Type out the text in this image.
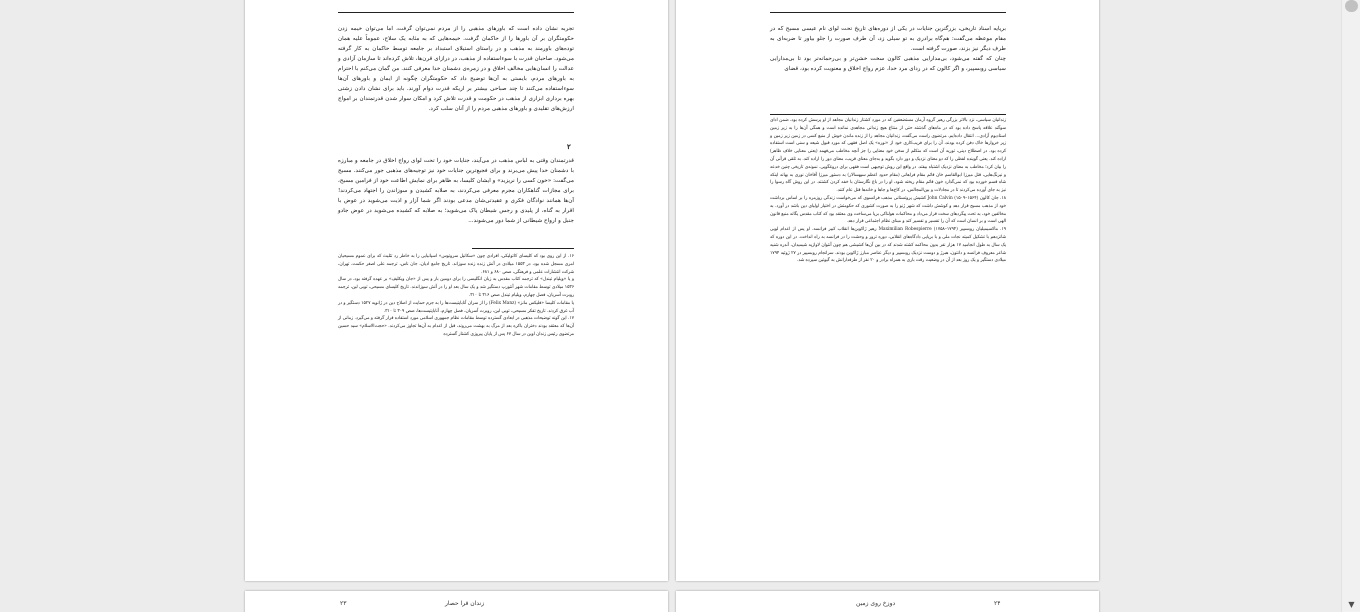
تجربه نشان داده است که باورهای مذهبی را از مردم نمی‌توان گرفت، اما می‌توان خیمه زدن حکومتگران بر آن باورها را از حاکمان گرفت. خیمه‌هایی که به مثابه یک سلاح، عموماً علیه همان توده‌های باورمند به مذهب و در راستای استیلای استبداد بر جامعه توسط حاکمان به کار گرفته می‌شود. صاحبان قدرت با سوءاستفاده از مذهب، در درازای قرن‌ها، تلاش کرده‌اند تا سازمان آزادی و عدالت را انسان‌هایی مخالف اخلاق و در زمره‌ی دشمنان خدا معرفی کنند. من گمان می‌کنم با احترام به باورهای مردم، بایستی به آن‌ها توضیح داد که حکومتگران چگونه از ایمان و باورهای آن‌ها سوءاستفاده می‌کنند تا چند صباحی بیشتر بر اریکه قدرت دوام آورند. باید برای نشان دادن زشتی بهره برداری ابزاری از مذهب در حکومت و قدرت تلاش کرد و امکان سوار شدن قدرتمندان بر امواج ارزش‌های تقلیدی و باورهای مذهبی مردم را از آنان سلب کرد.

۲

قدرتمندان وقتی به لباس مذهب در می‌آیند، جنایات خود را تحت لوای رواج اخلاق در جامعه و مبارزه با دشمنان خدا پیش می‌برند و برای فجیع‌ترین جنایات خود نیز توجیه‌های مذهبی جور می‌کنند. مسیح می‌گفت: «خون کسی را نریزید» و ایشان کلیسا، به ظاهر برای نمایش اطاعت خود از فرامین مسیح، برای مجازات گناهکاران مجرم معرفی می‌کردند، به صلابه کشیدن و سوزاندن را اجتهاد می‌کردند! آن‌ها همانند نوادگان فکری و عقیدتی‌شان مدعی بودند اگر شما آزار و اذیت می‌شوید در عوض با اقرار به گناه، از پلیدی و رجس شیطان پاک می‌شوید؛ به صلابه که کشیده می‌شوید در عوض جادو جنبل و ارواح شیطانی از شما دور می‌شوند...

۱۶. از این روی بود که کلیسای کاتولیکی، افرادی چون «سکانیل سروتوس» اسپانیایی را به خاطر رد تثلیث که برای عموم مسیحیان امری مسجل شده بود، در ۱۵۵۳ میلادی در آتش زنده زنده سوزاند. تاریخ جامع ادیان، جان ناس، ترجمه علی اصغر حکمت، تهران، شرکت انتشارات علمی و فرهنگی، صص ۶۸۰ و ۶۸۱.

و یا «ویلیام تیندل» که ترجمه کتاب مقدس به زبان انگلیسی را برای دومین بار و پس از «جان ویکلیف» بر عهده گرفته بود، در سال ۱۵۳۶ میلادی توسط مقامات شهر آنتورپ دستگیر شد و یک سال بعد او را در آتش سوزاندند. تاریخ کلیسای مسیحی، توبی لین، ترجمه روبرت آسریان، فصل چهارم، ویلیام تیندل صص ۳۱۶ تا ۳۱۰.

یا مقامات کلیسا «فلیکس مانز» (Felix Manz) را از سران آناباپتیست‌ها را به جرم حمایت از اصلاح دین در ژانویه ۱۵۲۷ دستگیر و در آب غرق کردند. تاریخ تفکر مسیحی، توبی لین، روبرت آسریان، فصل چهارم، آناباپتیست‌ها، صص ۳۰۹ تا ۳۱۰.

۱۷. این گونه توضیحات مذهبی در ابعادی گسترده توسط مقامات نظام جمهوری اسلامی مورد استفاده قرار گرفته و می‌گیرد. زمانی از آن‌ها که معتقد بودند دختران باکره بعد از مرگ به بهشت می‌روند، قبل از اعدام به آن‌ها تجاوز می‌کردند. «حجت‌الاسلام» سید حسین مرتضوی رئیس زندان اوین در سال ۶۷ پس از پایان پیروزی کشتار گسترده

برپایه اسناد تاریخی، بزرگترین جنایات در یکی از دوره‌های تاریخ تحت لوای نام عیسی مسیح که در مقام موعظه می‌گفت: هم‌گاه برادری به تو سیلی زد، آن طرف صورت را جلو بیاور تا ضربه‌ای به طرف دیگر نیز بزند، صورت گرفته است.

چنان که گفته می‌شود، بی‌مدارایی مذهبی کالون سخت خشن‌تر و بی‌رحمانه‌تر بود تا بی‌مدارایی سیاسی روبسپیر، و اگر کالون که در ردای مرد خدا، عزم رواج اخلاق و معنویت کرده بود، قضای

زندانیان سیاسی، نزد بالاتر بزرگی رهبر گروه آرمان مستضعفین که در مورد کشتار زندانیان مجاهد از او پرسش کرده بود، ضمن ادای سوگند علاقه پاسخ داده بود که در ماه‌های گذشته حتی از منتاع هیچ زندانی مجاهدی نمانده است و همگی آن‌ها را به زیر زمین استادیوم آزادی... انتقال داده‌ایم. مرتضوی راست می‌گفت، زندانیان مجاهد را از زنده ماندن خوش از منبع کسی در زمین زیر زمین و زیر خروارها خاک دفن کرده بودند، آن را برای فریب‌کاری خود از «نوره» یک اصل فقهی که مورد قبول شیعه و سنی است استفاده کرده بود. در اصطلاح دینی، توریه آن است که متکلم از سخن خود معنایی را جز آنچه مخاطب می‌فهمد (یعنی معنایی خلاف ظاهر) اراده کند. یعنی گوینده لفظی را که دو معنای نزدیک و دور دارد بگوید و به‌جای معنای قریب، معنای دور را اراده کند. به تلقی قرآنی آن را بیان کرد؛ مخاطب به معنای نزدیک اشتباه بیفتد. در واقع این روش توجیهی است فقهی برای دروغگویی. نمونه‌ی تاریخی چنین خدعه و نیرنگ‌هایی، قتل میرزا ابوالقاسم خان قائم مقام فراهانی (مقام حدود اعظم سپهسالار) به دستور میرزا آقاخان نوری به بهانه اینکه شاه قسم خورده بود که نمی‌گذارد خون قائم مقام ریخته شود، او را در باغ نگارستان با خفه کردن کشتند. در این روش گاه رسوا را نیز به جای آورده می‌کردند تا در مجادلات و بین‌المجالس، در کاخ‌ها و جاها و خانه‌ها قتل عام کنند.

۱۸. جان کالون John Calvin (۱۵۰۹–۱۵۶۴) کشیش پروتستانی مذهب فرانسوی که می‌خواست زندگی روزمره را بر اساس برداشت خود از مذهب مسیح قرار دهد و کوشش داشت که شهر ژنو را به صورت کشوری که حکومتش در اختیار اولیای دین باشد در آورد. به مخالفین خود، به تحت پیگردهای سخت قرار می‌داد و محاکمات هولناکی برپا می‌ساخت وی معتقد بود که کتاب مقدس یگانه منبع قانون الهی است و بر انسان است که آن را تفسیر و تفسیر کند و مبنای نظام اجتماعی قرار دهد.

۱۹. ماکسیمیلیان روبسپیر Maximilian Robespierre (۱۷۵۸–۱۷۹۴) رهبر ژاکوبن‌ها انقلاب کبیر فرانسه. او پس از اعدام لویی شانزدهم با تشکیل کمیته نجات ملی و با برپایی دادگاه‌های انقلابی، دوره ترور و وحشت را در فرانسه به راه انداخت. در این دوره که یک سال به طول انجامید ۱۷ هزار نفر بدون محاکمه کشته شدند که در بین آن‌ها کشیشی هم چون آنتوان لاوازیه شیمیدان، آندره شنیه شاعر معروف فرانسه و دانتون، هبرژ و دوست نزدیک روبسپیر و دیگر عناصر مبارز ژاکوبن بودند. سرانجام روبسپیر در ۲۷ ژوئیه ۱۷۹۴ میلادی دستگیر و یک روز بعد از آن در وضعیت رقت باری به همراه برادر و ۲۰ نفر از طرفدارانش به گیوتین سپرده شد.

۲۳	زندان قرا حصار	دوزخ روی زمین	۲۴	▼
